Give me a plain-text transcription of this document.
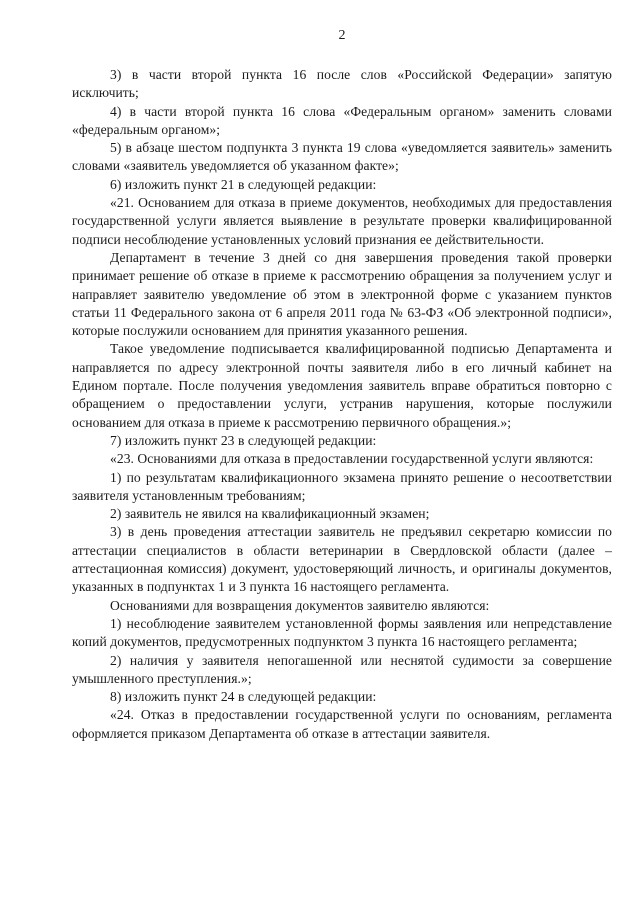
2

3) в части второй пункта 16 после слов «Российской Федерации» запятую исключить;

4) в части второй пункта 16 слова «Федеральным органом» заменить словами «федеральным органом»;

5) в абзаце шестом подпункта 3 пункта 19 слова «уведомляется заявитель» заменить словами «заявитель уведомляется об указанном факте»;

6) изложить пункт 21 в следующей редакции:

«21. Основанием для отказа в приеме документов, необходимых для предоставления государственной услуги является выявление в результате проверки квалифицированной подписи несоблюдение установленных условий признания ее действительности.

Департамент в течение 3 дней со дня завершения проведения такой проверки принимает решение об отказе в приеме к рассмотрению обращения за получением услуг и направляет заявителю уведомление об этом в электронной форме с указанием пунктов статьи 11 Федерального закона от 6 апреля 2011 года № 63-ФЗ «Об электронной подписи», которые послужили основанием для принятия указанного решения.

Такое уведомление подписывается квалифицированной подписью Департамента и направляется по адресу электронной почты заявителя либо в его личный кабинет на Едином портале. После получения уведомления заявитель вправе обратиться повторно с обращением о предоставлении услуги, устранив нарушения, которые послужили основанием для отказа в приеме к рассмотрению первичного обращения.»;

7) изложить пункт 23 в следующей редакции:

«23. Основаниями для отказа в предоставлении государственной услуги являются:

1) по результатам квалификационного экзамена принято решение о несоответствии заявителя установленным требованиям;

2) заявитель не явился на квалификационный экзамен;

3) в день проведения аттестации заявитель не предъявил секретарю комиссии по аттестации специалистов в области ветеринарии в Свердловской области (далее – аттестационная комиссия) документ, удостоверяющий личность, и оригиналы документов, указанных в подпунктах 1 и 3 пункта 16 настоящего регламента.

Основаниями для возвращения документов заявителю являются:

1) несоблюдение заявителем установленной формы заявления или непредставление копий документов, предусмотренных подпунктом 3 пункта 16 настоящего регламента;

2) наличия у заявителя непогашенной или неснятой судимости за совершение умышленного преступления.»;

8) изложить пункт 24 в следующей редакции:

«24. Отказ в предоставлении государственной услуги по основаниям, регламента оформляется приказом Департамента об отказе в аттестации заявителя.
